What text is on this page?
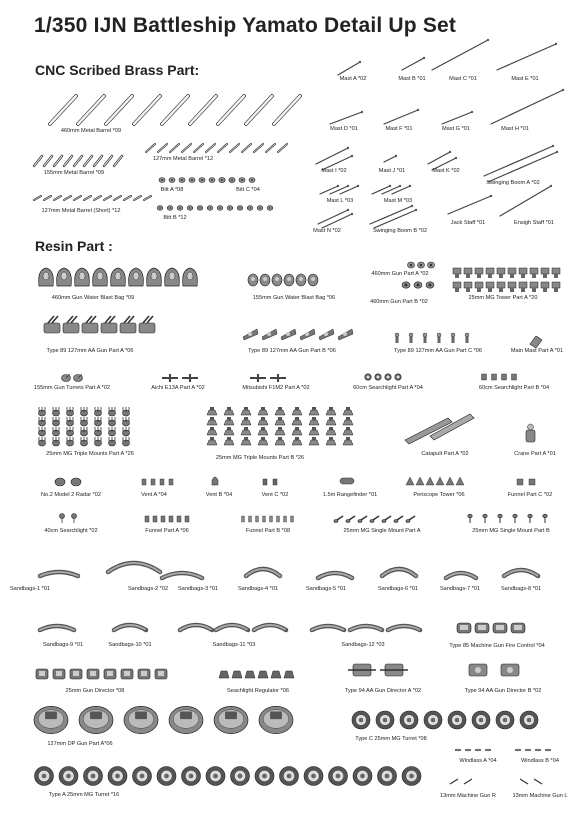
1/350 IJN Battleship Yamato Detail Up Set
CNC Scribed Brass Part:
Resin Part :
460mm Metal Barrel *09
155mm Metal Barrel *09
127mm Metal Barrel *12
127mm Metal Barrel (Short) *12
Bitt A *08	Bitt C *04
Bitt B *12
Mast A *02	Mast B *01	Mast C *01	Mast E *01
Mast D *01	Mast F *01	Mast G *01	Mast H *01
Mast I *02	Mast J *01	Mast K *02
Swinging Boom A *02
Mast L *03	Mast M *03
Mast N *02	Swinging Boom B *02
Jack Staff *01	Ensigh Staff *01
460mm Gun Water Blast Bag *09	155mm Gun Water Blast Bag *06
460mm Gun Part A *02
460mm Gun Part B *02
25mm MG Tower Part A *20
Type 89 127mm AA Gun Part A *06	Type 89 127mm AA Gun Part B *06	Type 89 127mm AA Gun Part C *06	Main Mast Part A *01
155mm Gun Turrets Part A *02	Aichi E13A Part A *02	Mitsubishi F1M2 Part A *02	60cm Searchlight Part A *04	60cm Searchlight Part B *04
25mm MG Triple Mounts Part A *26
25mm MG Triple Mounts Part B *26
Catapult Part A *02	Crane Part A *01
No.2 Model 2 Radar *02	Vent A *04	Vent B *04	Vent C *02	1.5m Rangefinder *01	Periscope Tower *06	Funnel Part C *02
40cm Searchlight *02	Funnel Part A *06	Funnel Part B *08	25mm MG Single Mount Part A	25mm MG Single Mount Part B
Sandbags-1 *01	Sandbags-2 *02 Sandbags-3 *01	Sandbags-4 *01	Sandbags-5 *01	Sandbags-6 *01	Sandbags-7 *01	Sandbags-8 *01
Sandbags-9 *01	Sandbags-10 *01	Sandbags-11 *03	Sandbags-12 *03	Type 85 Machine Gun Fire Control *04
25mm Gun Director *08	Seachlight Regulator *06	Type 94 AA Gun Director A *02	Type 94 AA Gun Director B *02
127mm DP Gun Part A*06
Type C 25mm MG Turret *08
Windlass A *04	Windlass B *04
Type A 25mm MG Turret *16	13mm Machine Gun R	13mm Machine Gun L
